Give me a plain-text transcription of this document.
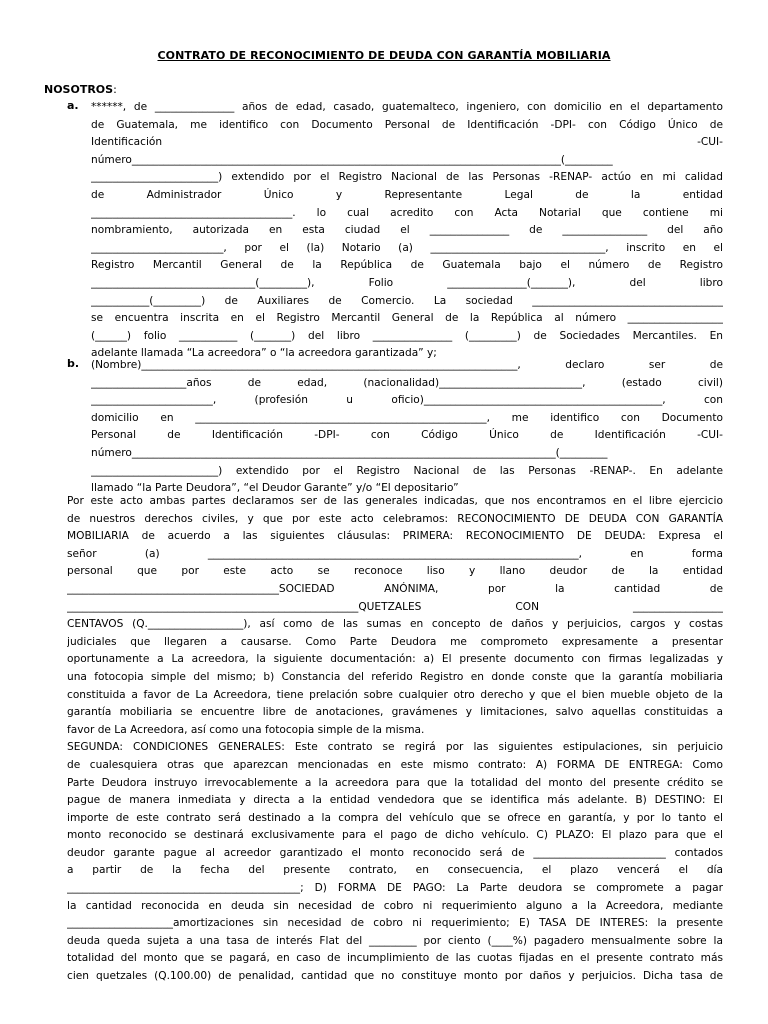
CONTRATO DE RECONOCIMIENTO DE DEUDA CON GARANTÍA MOBILIARIA
NOSOTROS:
a.
b.
******, de _______________ años de edad, casado, guatemalteco, ingeniero, con domicilio en el departamento
de Guatemala, me identifico con Documento Personal de Identificación -DPI- con Código Único de
Identificación -CUI-
número_________________________________________________________________________________(_________
________________________) extendido por el Registro Nacional de las Personas -RENAP- actúo en mi calidad
de Administrador Único y Representante Legal de la entidad
______________________________________. lo cual acredito con Acta Notarial que contiene mi
nombramiento, autorizada en esta ciudad el _______________ de ________________ del año
_________________________, por el (la) Notario (a) _________________________________, inscrito en el
Registro Mercantil General de la República de Guatemala bajo el número de Registro
_______________________________(_________), Folio _______________(_______), del libro
___________(_________) de Auxiliares de Comercio. La sociedad ____________________________________
se encuentra inscrita en el Registro Mercantil General de la República al número __________________
(______) folio ___________ (_______) del libro _______________ (_________) de Sociedades Mercantiles. En
adelante llamada “La acreedora” o “la acreedora garantizada” y;
(Nombre)_______________________________________________________________________, declaro ser de
__________________años de edad, (nacionalidad)___________________________, (estado civil)
_______________________, (profesión u oficio)_____________________________________________, con
domicilio en _______________________________________________________, me identifico con Documento
Personal de Identificación -DPI- con Código Único de Identificación -CUI-
número________________________________________________________________________________(_________
________________________) extendido por el Registro Nacional de las Personas -RENAP-. En adelante
llamado “la Parte Deudora”, “el Deudor Garante” y/o “El depositario”
Por este acto ambas partes declaramos ser de las generales indicadas, que nos encontramos en el libre ejercicio
de nuestros derechos civiles, y que por este acto celebramos: RECONOCIMIENTO DE DEUDA CON GARANTÍA
MOBILIARIA de acuerdo a las siguientes cláusulas: PRIMERA: RECONOCIMIENTO DE DEUDA: Expresa el
señor (a) ______________________________________________________________________, en forma
personal que por este acto se reconoce liso y llano deudor de la entidad
________________________________________SOCIEDAD ANÓNIMA, por la cantidad de
_______________________________________________________QUETZALES CON _________________
CENTAVOS (Q.__________________), así como de las sumas en concepto de daños y perjuicios, cargos y costas
judiciales que llegaren a causarse. Como Parte Deudora me comprometo expresamente a presentar
oportunamente a La acreedora, la siguiente documentación: a) El presente documento con firmas legalizadas y
una fotocopia simple del mismo; b) Constancia del referido Registro en donde conste que la garantía mobiliaria
constituida a favor de La Acreedora, tiene prelación sobre cualquier otro derecho y que el bien mueble objeto de la
garantía mobiliaria se encuentre libre de anotaciones, gravámenes y limitaciones, salvo aquellas constituidas a
favor de La Acreedora, así como una fotocopia simple de la misma.
SEGUNDA: CONDICIONES GENERALES: Este contrato se regirá por las siguientes estipulaciones, sin perjuicio
de cualesquiera otras que aparezcan mencionadas en este mismo contrato: A) FORMA DE ENTREGA: Como
Parte Deudora instruyo irrevocablemente a la acreedora para que la totalidad del monto del presente crédito se
pague de manera inmediata y directa a la entidad vendedora que se identifica más adelante. B) DESTINO: El
importe de este contrato será destinado a la compra del vehículo que se ofrece en garantía, y por lo tanto el
monto reconocido se destinará exclusivamente para el pago de dicho vehículo. C) PLAZO: El plazo para que el
deudor garante pague al acreedor garantizado el monto reconocido será de _________________________ contados
a partir de la fecha del presente contrato, en consecuencia, el plazo vencerá el día
____________________________________________; D) FORMA DE PAGO: La Parte deudora se compromete a pagar
la cantidad reconocida en deuda sin necesidad de cobro ni requerimiento alguno a la Acreedora, mediante
____________________amortizaciones sin necesidad de cobro ni requerimiento; E) TASA DE INTERES: la presente
deuda queda sujeta a una tasa de interés Flat del _________ por ciento (____%) pagadero mensualmente sobre la
totalidad del monto que se pagará, en caso de incumplimiento de las cuotas fijadas en el presente contrato más
cien quetzales (Q.100.00) de penalidad, cantidad que no constituye monto por daños y perjuicios. Dicha tasa de
